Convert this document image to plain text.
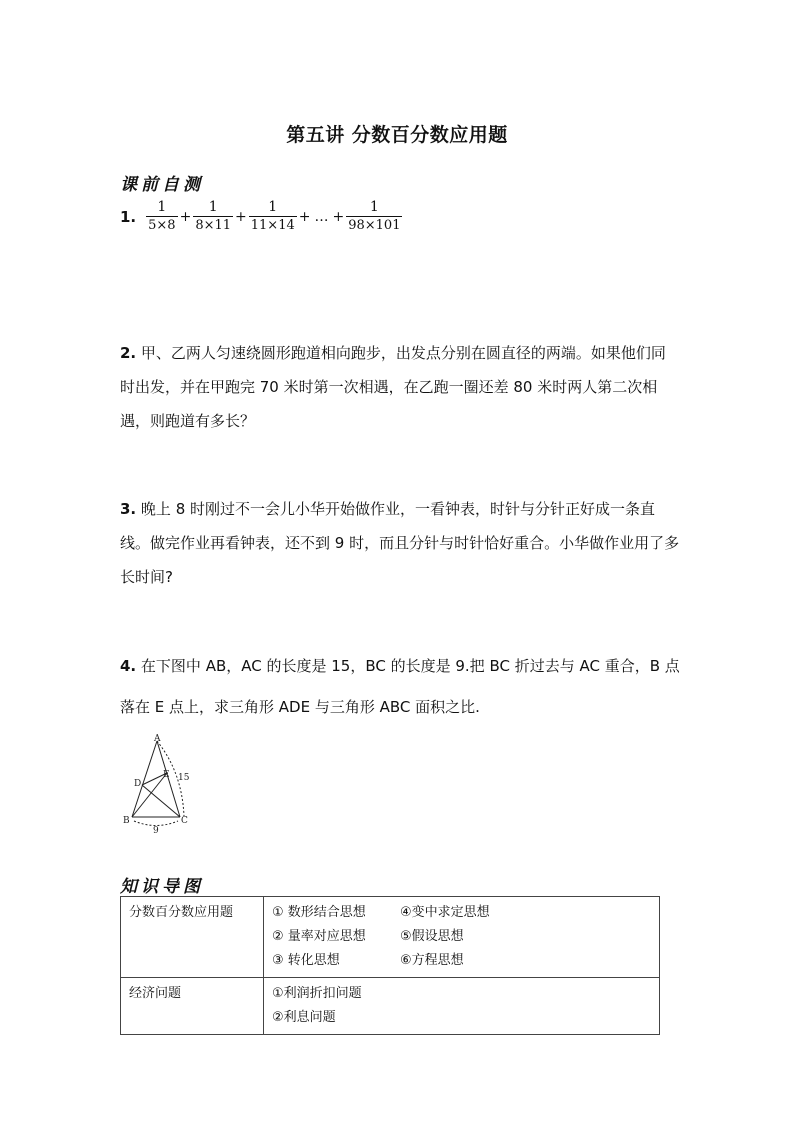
第五讲 分数百分数应用题
课前自测
1. $\frac{1}{5\times 8} + \frac{1}{8\times 11} + \frac{1}{11\times 14}$ + … + $\frac{1}{98\times 101}$
2. 甲、乙两人匀速绕圆形跑道相向跑步，出发点分别在圆直径的两端。如果他们同时出发，并在甲跑完 70 米时第一次相遇，在乙跑一圈还差 80 米时两人第二次相遇，则跑道有多长？
3. 晚上 8 时刚过不一会儿小华开始做作业，一看钟表，时针与分针正好成一条直线。做完作业再看钟表，还不到 9 时，而且分针与时针恰好重合。小华做作业用了多长时间?
4. 在下图中 AB，AC 的长度是 15，BC 的长度是 9.把 BC 折过去与 AC 重合，B 点落在 E 点上，求三角形 ADE 与三角形 ABC 面积之比.
A
B	C
D
E 15
9
知识导图
分数百分数应用题	① 数形结合思想 ④变中求定思想
② 量率对应思想 ⑤假设思想
③ 转化思想 ⑥方程思想

经济问题	①利润折扣问题
②利息问题
